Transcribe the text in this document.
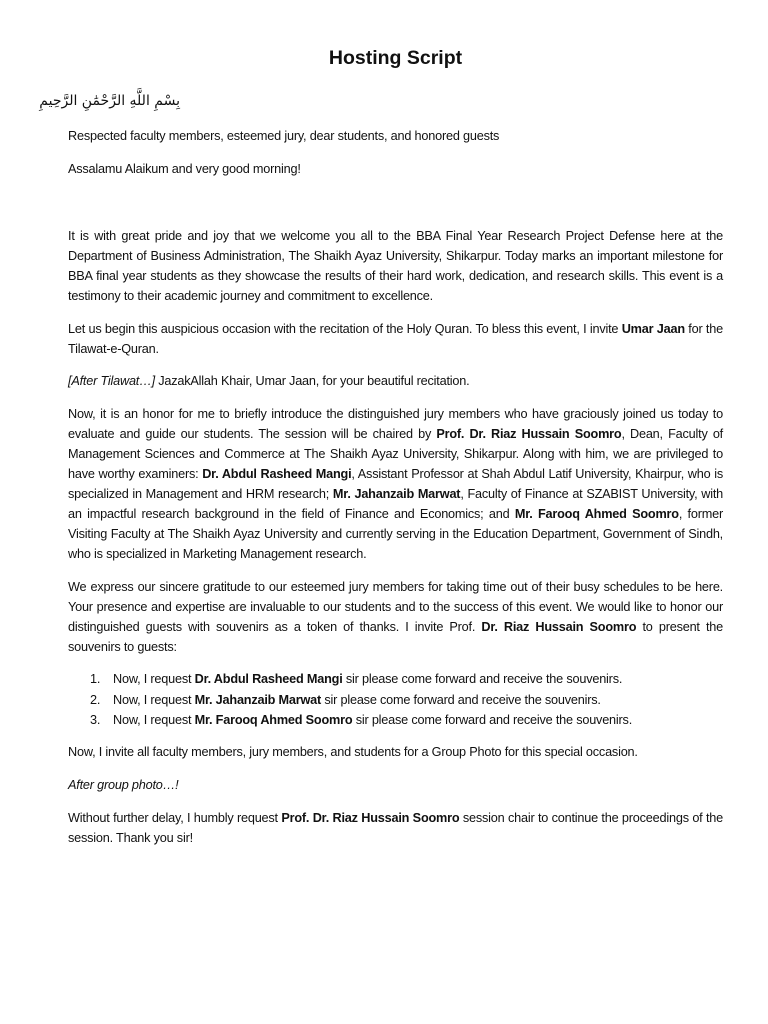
Hosting Script
بِسْمِ اللَّهِ الرَّحْمَٰنِ الرَّحِيمِ

Respected faculty members, esteemed jury, dear students, and honored guests

Assalamu Alaikum and very good morning!

It is with great pride and joy that we welcome you all to the BBA Final Year Research Project Defense here at the Department of Business Administration, The Shaikh Ayaz University, Shikarpur. Today marks an important milestone for BBA final year students as they showcase the results of their hard work, dedication, and research skills. This event is a testimony to their academic journey and commitment to excellence.

Let us begin this auspicious occasion with the recitation of the Holy Quran. To bless this event, I invite Umar Jaan for the Tilawat-e-Quran.

[After Tilawat…] JazakAllah Khair, Umar Jaan, for your beautiful recitation.

Now, it is an honor for me to briefly introduce the distinguished jury members who have graciously joined us today to evaluate and guide our students. The session will be chaired by Prof. Dr. Riaz Hussain Soomro, Dean, Faculty of Management Sciences and Commerce at The Shaikh Ayaz University, Shikarpur. Along with him, we are privileged to have worthy examiners: Dr. Abdul Rasheed Mangi, Assistant Professor at Shah Abdul Latif University, Khairpur, who is specialized in Management and HRM research; Mr. Jahanzaib Marwat, Faculty of Finance at SZABIST University, with an impactful research background in the field of Finance and Economics; and Mr. Farooq Ahmed Soomro, former Visiting Faculty at The Shaikh Ayaz University and currently serving in the Education Department, Government of Sindh, who is specialized in Marketing Management research.

We express our sincere gratitude to our esteemed jury members for taking time out of their busy schedules to be here. Your presence and expertise are invaluable to our students and to the success of this event. We would like to honor our distinguished guests with souvenirs as a token of thanks. I invite Prof. Dr. Riaz Hussain Soomro to present the souvenirs to guests:

1. Now, I request Dr. Abdul Rasheed Mangi sir please come forward and receive the souvenirs.
2. Now, I request Mr. Jahanzaib Marwat sir please come forward and receive the souvenirs.
3. Now, I request Mr. Farooq Ahmed Soomro sir please come forward and receive the souvenirs.

Now, I invite all faculty members, jury members, and students for a Group Photo for this special occasion.

After group photo…!

Without further delay, I humbly request Prof. Dr. Riaz Hussain Soomro session chair to continue the proceedings of the session. Thank you sir!
